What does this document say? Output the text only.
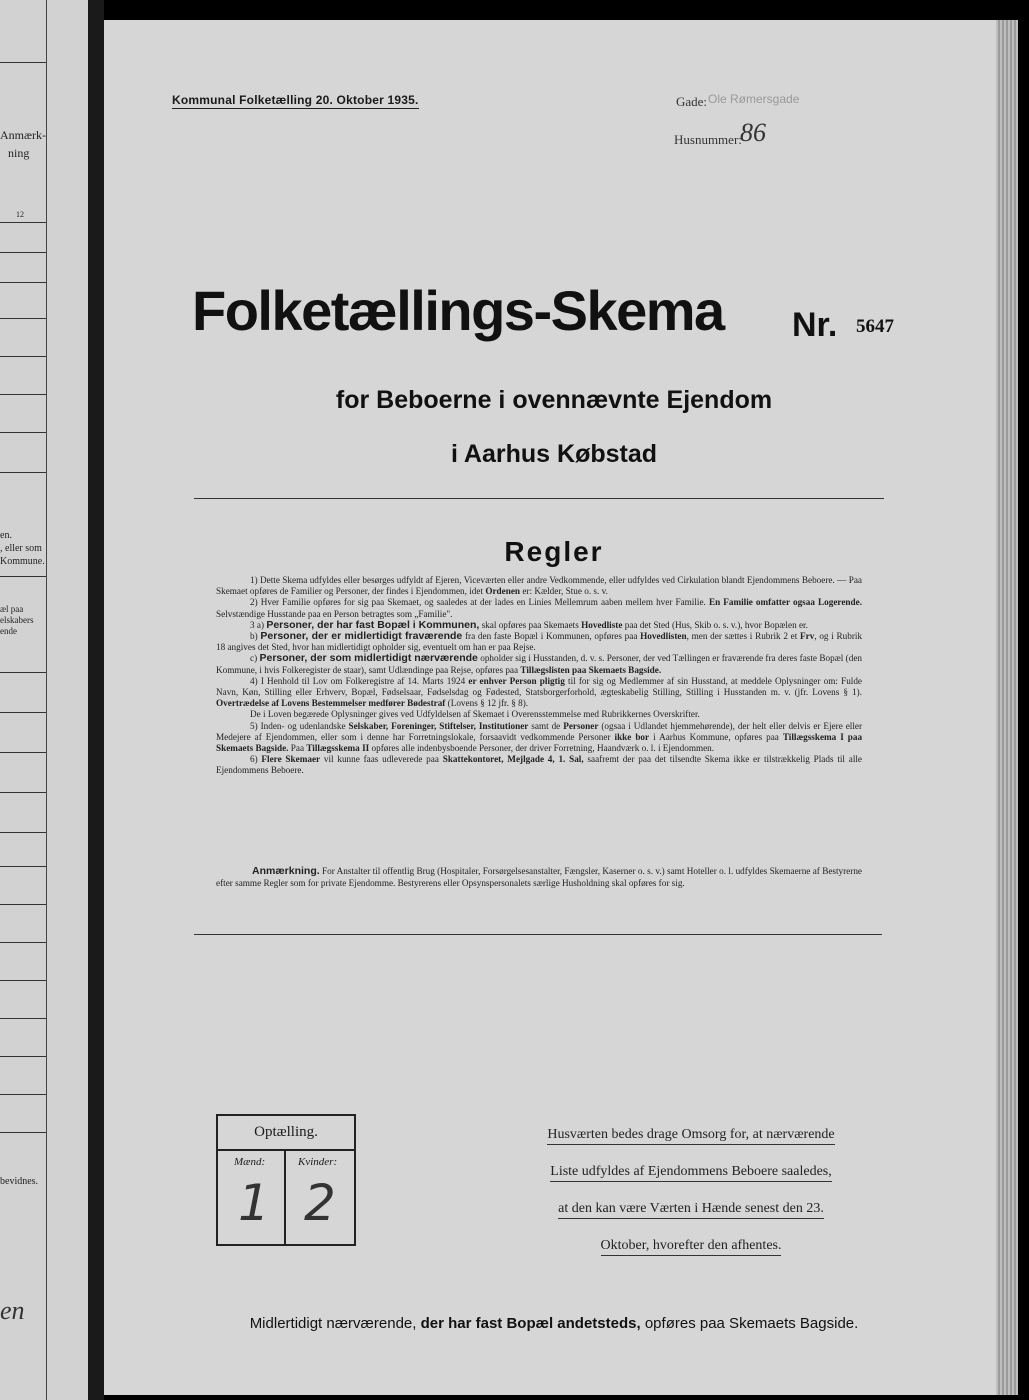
Anmærk-
ning
12
en.
, eller som
Kommune.
æl paa
elskabers
ende
bevidnes.
en
Kommunal Folketælling 20. Oktober 1935.	Gade: Ole Rømersgade
Husnummer:
86
Folketællings-Skema Nr. 5647
for Beboerne i ovennævnte Ejendom
i Aarhus Købstad
Regler

1) Dette Skema udfyldes eller besørges udfyldt af Ejeren, Viceværten eller andre Vedkommende, eller udfyldes ved Cirkulation blandt Ejendommens Beboere. — Paa Skemaet opføres de Familier og Personer, der findes i Ejendommen, idet Ordenen er: Kælder, Stue o. s. v.

2) Hver Familie opføres for sig paa Skemaet, og saaledes at der lades en Linies Mellemrum aaben mellem hver Familie. En Familie omfatter ogsaa Logerende. Selvstændige Husstande paa en Person betragtes som „Familie".

3 a) Personer, der har fast Bopæl i Kommunen, skal opføres paa Skemaets Hovedliste paa det Sted (Hus, Skib o. s. v.), hvor Bopælen er.

b) Personer, der er midlertidigt fraværende fra den faste Bopæl i Kommunen, opføres paa Hovedlisten, men der sættes i Rubrik 2 et Frv, og i Rubrik 18 angives det Sted, hvor han midlertidigt opholder sig, eventuelt om han er paa Rejse.

c) Personer, der som midlertidigt nærværende opholder sig i Husstanden, d. v. s. Personer, der ved Tællingen er fraværende fra deres faste Bopæl (den Kommune, i hvis Folkeregister de staar), samt Udlændinge paa Rejse, opføres paa Tillægslisten paa Skemaets Bagside.

4) I Henhold til Lov om Folkeregistre af 14. Marts 1924 er enhver Person pligtig til for sig og Medlemmer af sin Husstand, at meddele Oplysninger om: Fulde Navn, Køn, Stilling eller Erhverv, Bopæl, Fødselsaar, Fødselsdag og Fødested, Statsborgerforhold, ægteskabelig Stilling, Stilling i Husstanden m. v. (jfr. Lovens § 1). Overtrædelse af Lovens Bestemmelser medfører Bødestraf (Lovens § 12 jfr. § 8).

De i Loven begærede Oplysninger gives ved Udfyldelsen af Skemaet i Overensstemmelse med Rubrikkernes Overskrifter.

5) Inden- og udenlandske Selskaber, Foreninger, Stiftelser, Institutioner samt de Personer (ogsaa i Udlandet hjemmehørende), der helt eller delvis er Ejere eller Medejere af Ejendommen, eller som i denne har Forretningslokale, forsaavidt vedkommende Personer ikke bor i Aarhus Kommune, opføres paa Tillægsskema I paa Skemaets Bagside. Paa Tillægsskema II opføres alle indenbysboende Personer, der driver Forretning, Haandværk o. l. i Ejendommen.

6) Flere Skemaer vil kunne faas udleverede paa Skattekontoret, Mejlgade 4, 1. Sal, saafremt der paa det tilsendte Skema ikke er tilstrækkelig Plads til alle Ejendommens Beboere.

Anmærkning. For Anstalter til offentlig Brug (Hospitaler, Forsørgelsesanstalter, Fængsler, Kaserner o. s. v.) samt Hoteller o. l. udfyldes Skemaerne af Bestyrerne efter samme Regler som for private Ejendomme. Bestyrerens eller Opsynspersonalets særlige Husholdning skal opføres for sig.

Optælling.
Mænd:	Kvinder:
1 2
Husværten bedes drage Omsorg for, at nærværende
Liste udfyldes af Ejendommens Beboere saaledes,
at den kan være Værten i Hænde senest den 23.
Oktober, hvorefter den afhentes.
Midlertidigt nærværende, der har fast Bopæl andetsteds, opføres paa Skemaets Bagside.
